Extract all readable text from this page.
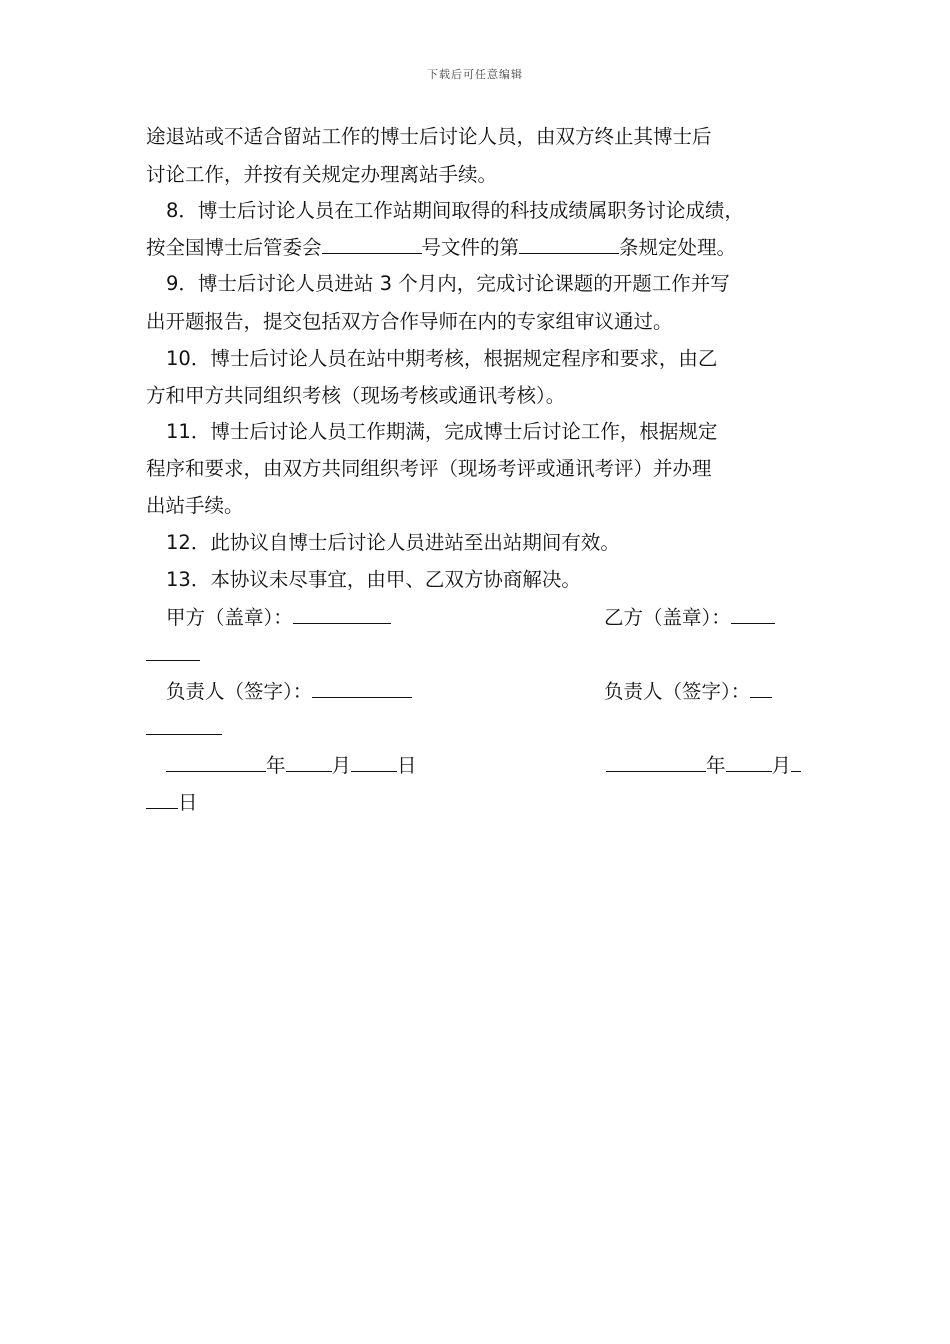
下载后可任意编辑
途退站或不适合留站工作的博士后讨论人员，由双方终止其博士后
讨论工作，并按有关规定办理离站手续。
8．博士后讨论人员在工作站期间取得的科技成绩属职务讨论成绩，
按全国博士后管委会	号文件的第	条规定处理。
9．博士后讨论人员进站 3 个月内，完成讨论课题的开题工作并写
出开题报告，提交包括双方合作导师在内的专家组审议通过。
10．博士后讨论人员在站中期考核，根据规定程序和要求，由乙
方和甲方共同组织考核（现场考核或通讯考核）。
11．博士后讨论人员工作期满，完成博士后讨论工作，根据规定
程序和要求，由双方共同组织考评（现场考评或通讯考评）并办理
出站手续。
12．此协议自博士后讨论人员进站至出站期间有效。
13．本协议未尽事宜，由甲、乙双方协商解决。
甲方（盖章）：
负责人（签字）：
年 月 日
日
乙方（盖章）：
负责人（签字）：
年 月
